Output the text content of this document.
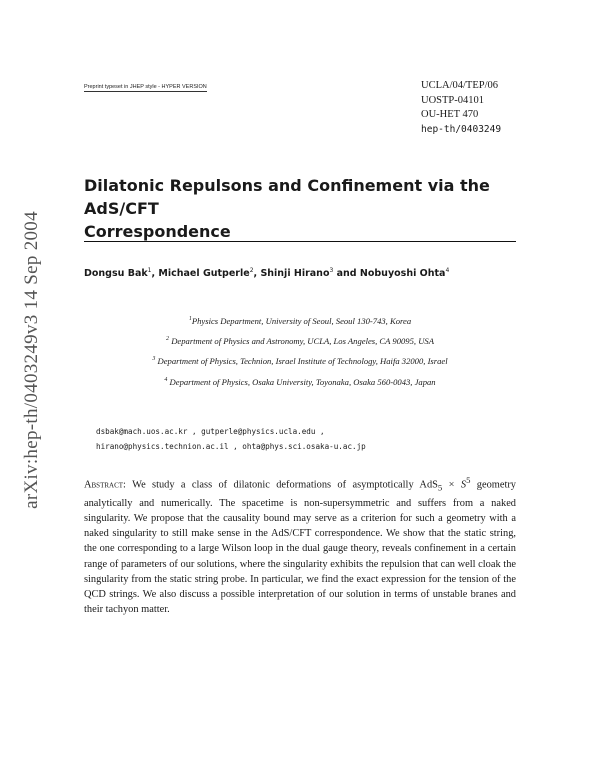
arXiv:hep-th/0403249v3 14 Sep 2004
Preprint typeset in JHEP style - HYPER VERSION	UCLA/04/TEP/06
UOSTP-04101
OU-HET 470
hep-th/0403249
Dilatonic Repulsons and Confinement via the AdS/CFT
Correspondence
Dongsu Bak$^1$, Michael Gutperle$^2$, Shinji Hirano$^3$ and Nobuyoshi Ohta$^4$
$^1$Physics Department, University of Seoul, Seoul 130-743, Korea
$^2$ Department of Physics and Astronomy, UCLA, Los Angeles, CA 90095, USA
$^3$ Department of Physics, Technion, Israel Institute of Technology, Haifa 32000, Israel
$^4$ Department of Physics, Osaka University, Toyonaka, Osaka 560-0043, Japan
dsbak@mach.uos.ac.kr , gutperle@physics.ucla.edu ,
hirano@physics.technion.ac.il , ohta@phys.sci.osaka-u.ac.jp
Abstract: We study a class of dilatonic deformations of asymptotically $AdS_5 \times S^5$ geometry analytically and numerically. The spacetime is non-supersymmetric and suffers from a naked singularity. We propose that the causality bound may serve as a criterion for such a geometry with a naked singularity to still make sense in the AdS/CFT correspondence. We show that the static string, the one corresponding to a large Wilson loop in the dual gauge theory, reveals confinement in a certain range of parameters of our solutions, where the singularity exhibits the repulsion that can well cloak the singularity from the static string probe. In particular, we find the exact expression for the tension of the QCD strings. We also discuss a possible interpretation of our solution in terms of unstable branes and their tachyon matter.
